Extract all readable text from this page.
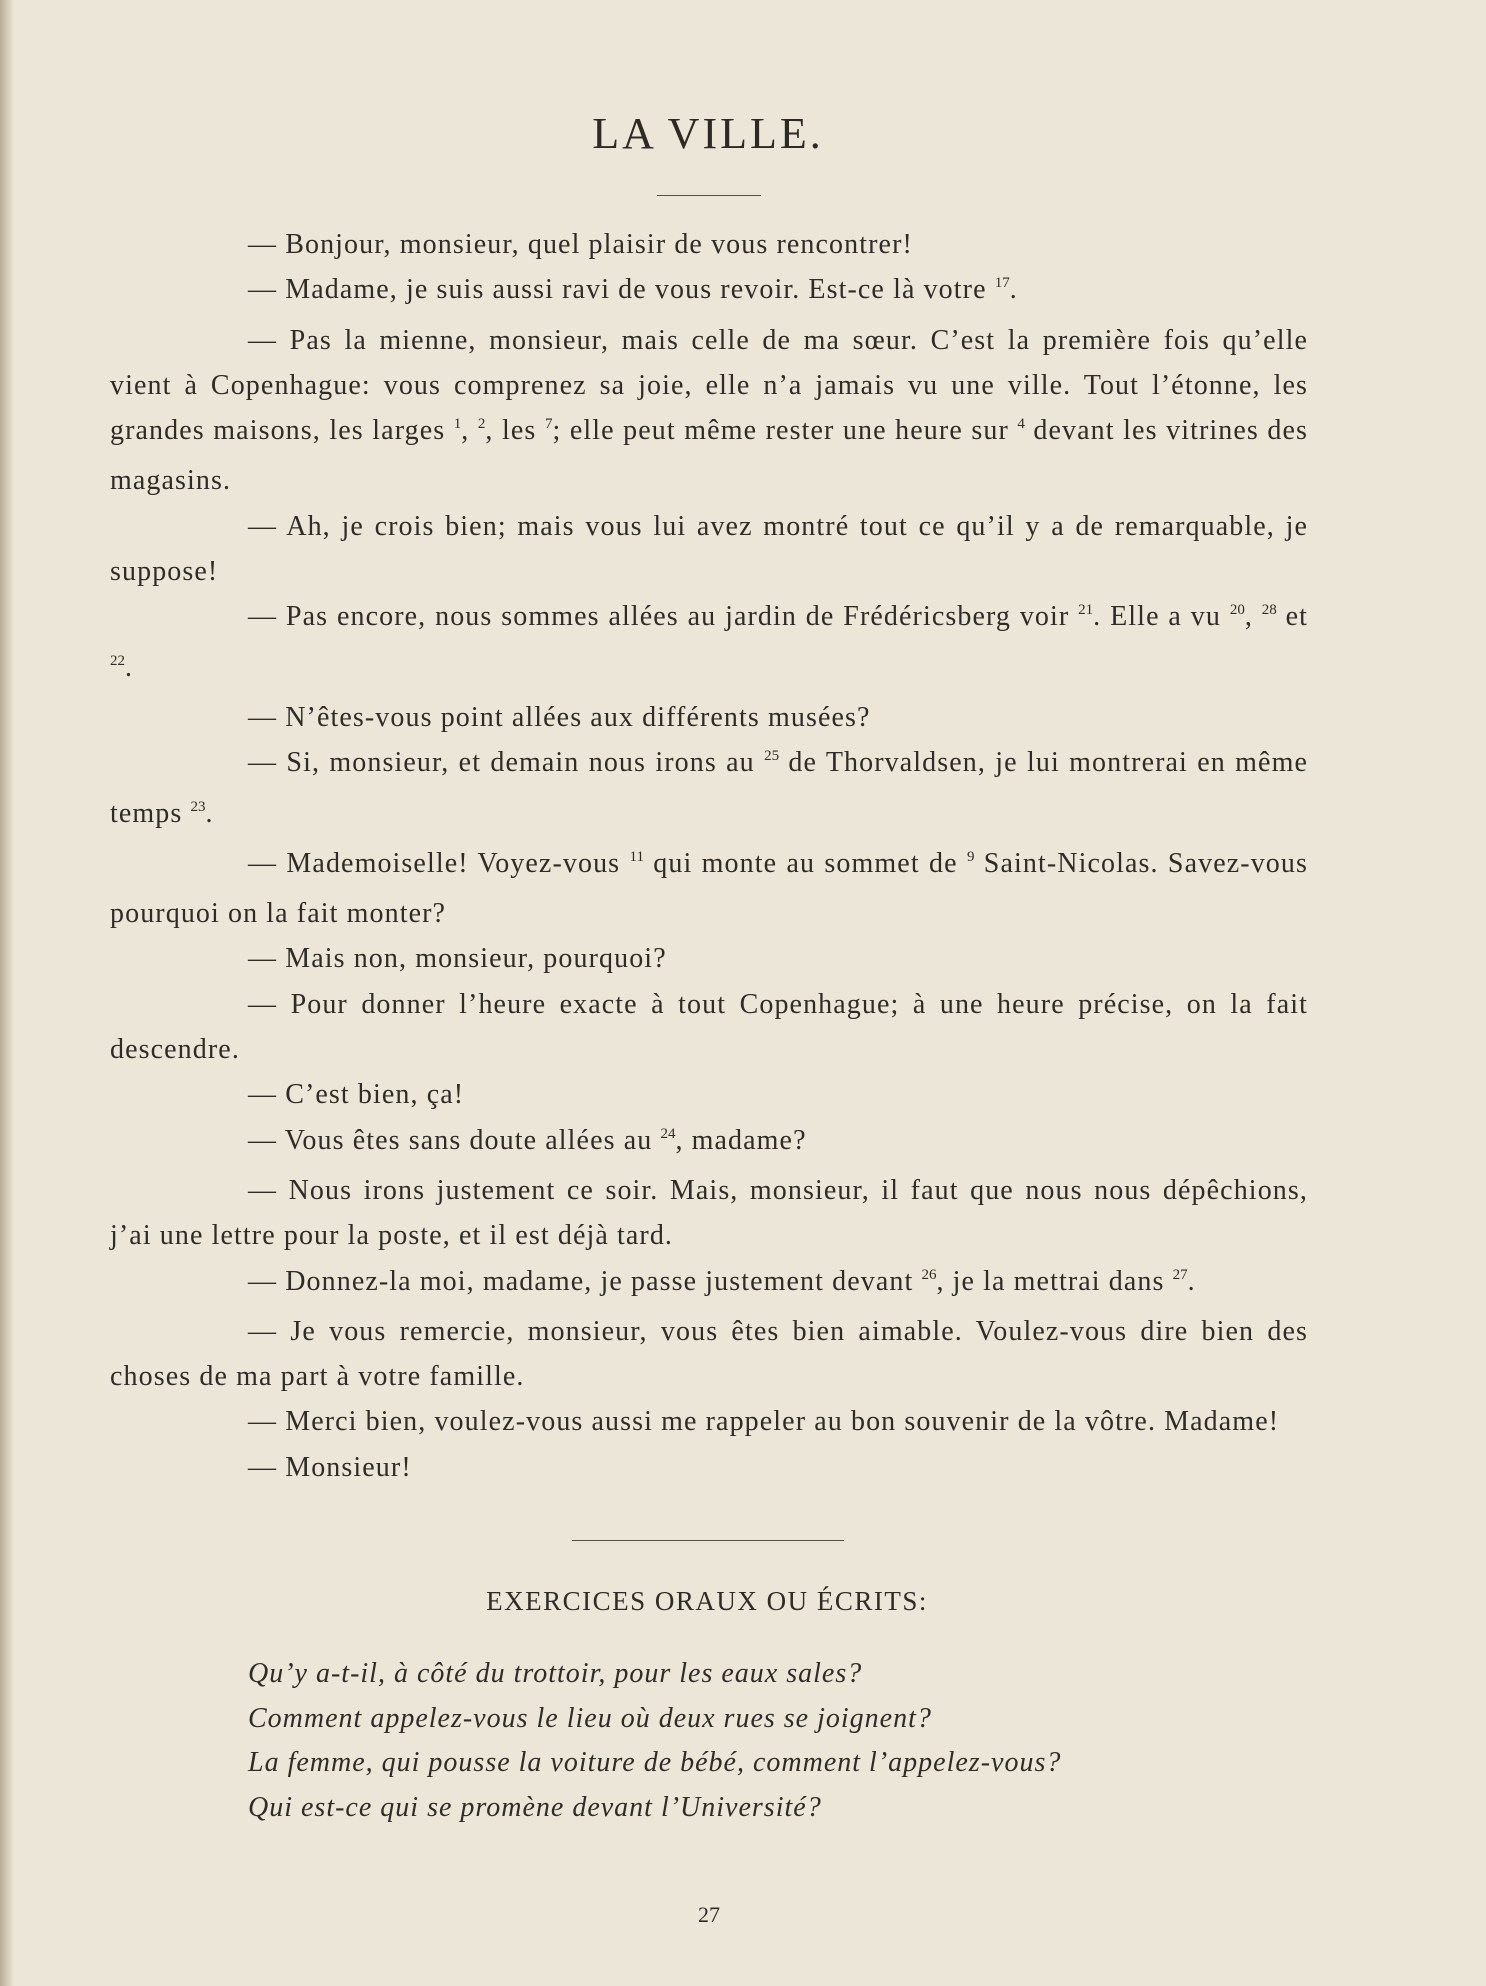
LA VILLE.

— Bonjour, monsieur, quel plaisir de vous rencontrer!

— Madame, je suis aussi ravi de vous revoir. Est-ce là votre $^{17}$.

— Pas la mienne, monsieur, mais celle de ma sœur. C’est la première fois qu’elle vient à Copenhague: vous comprenez sa joie, elle n’a jamais vu une ville. Tout l’étonne, les grandes maisons, les larges $^1$, $^2$, les $^7$; elle peut même rester une heure sur $^4$ devant les vitrines des magasins.

— Ah, je crois bien; mais vous lui avez montré tout ce qu’il y a de remarquable, je suppose!

— Pas encore, nous sommes allées au jardin de Frédéricsberg voir $^{21}$. Elle a vu $^{20}$, $^{28}$ et $^{22}$.

— N’êtes-vous point allées aux différents musées?

— Si, monsieur, et demain nous irons au $^{25}$ de Thorvaldsen, je lui montrerai en même temps $^{23}$.

— Mademoiselle! Voyez-vous $^{11}$ qui monte au sommet de $^9$ Saint-Nicolas. Savez-vous pourquoi on la fait monter?

— Mais non, monsieur, pourquoi?

— Pour donner l’heure exacte à tout Copenhague; à une heure précise, on la fait descendre.

— C’est bien, ça!

— Vous êtes sans doute allées au $^{24}$, madame?

— Nous irons justement ce soir. Mais, monsieur, il faut que nous nous dépêchions, j’ai une lettre pour la poste, et il est déjà tard.

— Donnez-la moi, madame, je passe justement devant $^{26}$, je la mettrai dans $^{27}$.

— Je vous remercie, monsieur, vous êtes bien aimable. Voulez-vous dire bien des choses de ma part à votre famille.

— Merci bien, voulez-vous aussi me rappeler au bon souvenir de la vôtre. Madame!

— Monsieur!

EXERCICES ORAUX OU ÉCRITS:
Qu’y a-t-il, à côté du trottoir, pour les eaux sales?
Comment appelez-vous le lieu où deux rues se joignent?
La femme, qui pousse la voiture de bébé, comment l’appelez-vous?
Qui est-ce qui se promène devant l’Université?
27
